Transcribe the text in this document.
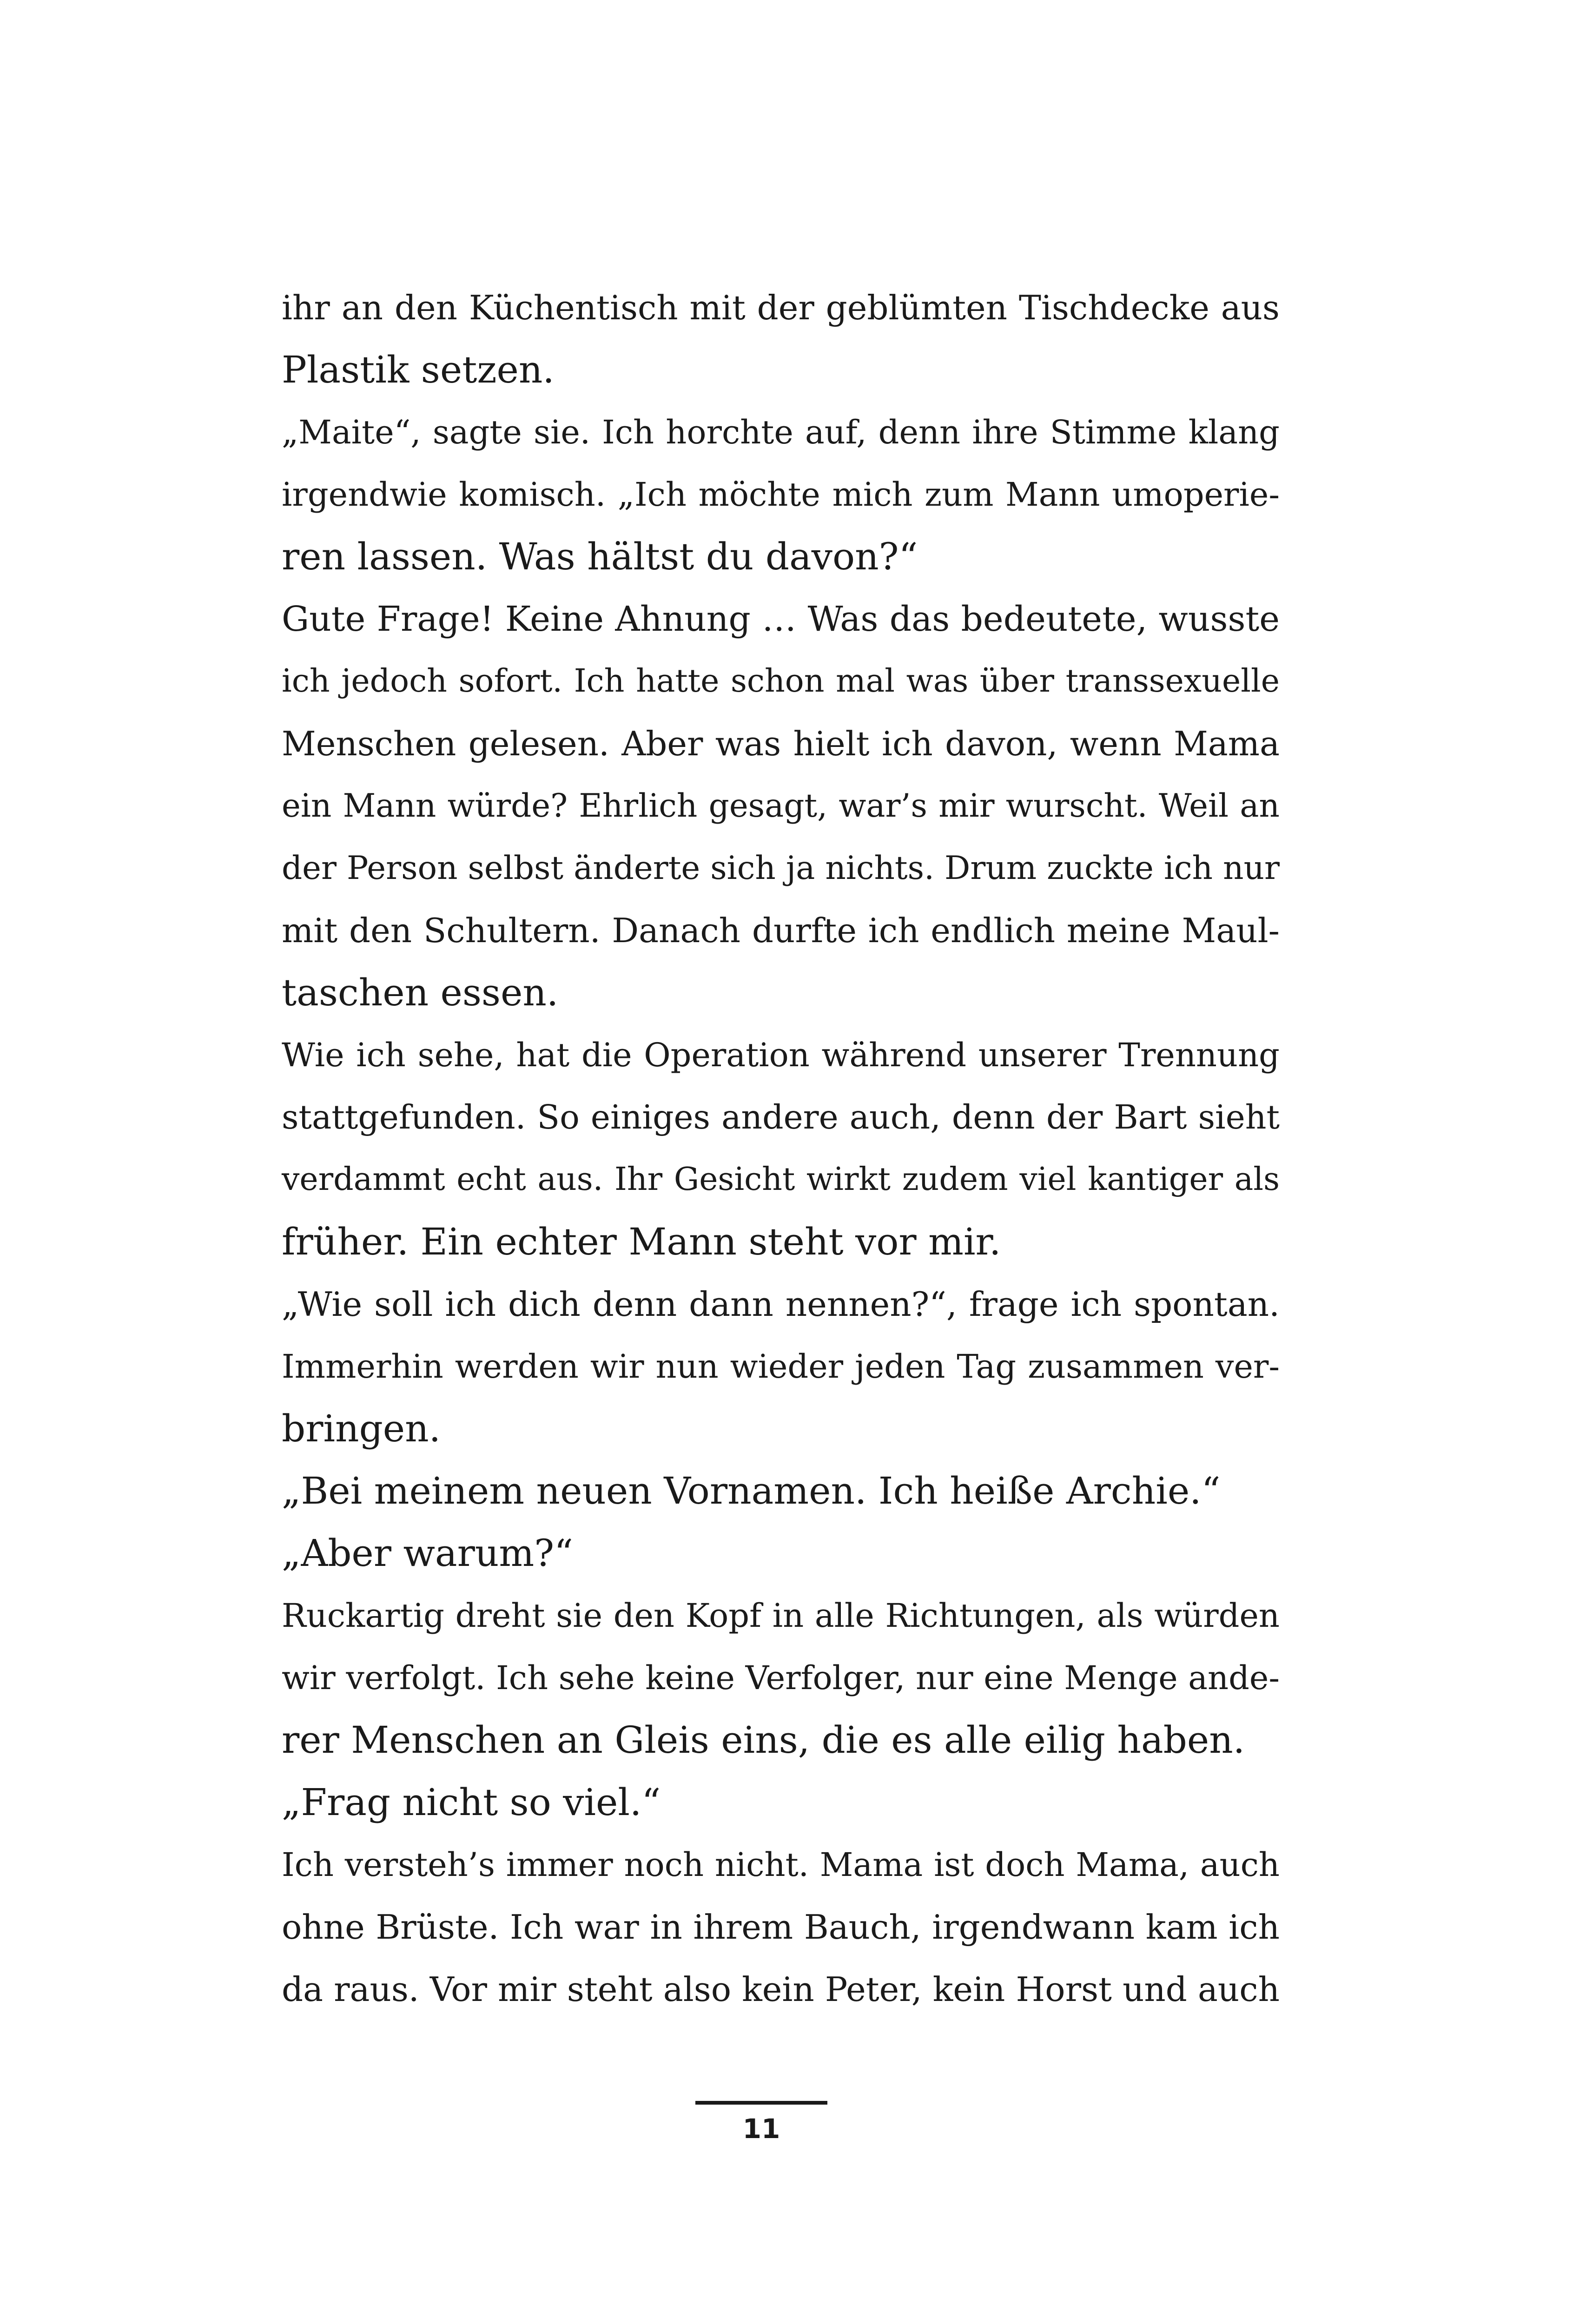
ihr an den Küchentisch mit der geblümten Tischdecke aus
Plastik setzen.
„Maite“, sagte sie. Ich horchte auf, denn ihre Stimme klang
irgendwie komisch. „Ich möchte mich zum Mann umoperie-
ren lassen. Was hältst du davon?“
Gute Frage! Keine Ahnung … Was das bedeutete, wusste
ich jedoch sofort. Ich hatte schon mal was über transsexuelle
Menschen gelesen. Aber was hielt ich davon, wenn Mama
ein Mann würde? Ehrlich gesagt, war’s mir wurscht. Weil an
der Person selbst änderte sich ja nichts. Drum zuckte ich nur
mit den Schultern. Danach durfte ich endlich meine Maul-
taschen essen.
Wie ich sehe, hat die Operation während unserer Trennung
stattgefunden. So einiges andere auch, denn der Bart sieht
verdammt echt aus. Ihr Gesicht wirkt zudem viel kantiger als
früher. Ein echter Mann steht vor mir.
„Wie soll ich dich denn dann nennen?“, frage ich spontan.
Immerhin werden wir nun wieder jeden Tag zusammen ver-
bringen.
„Bei meinem neuen Vornamen. Ich heiße Archie.“
„Aber warum?“
Ruckartig dreht sie den Kopf in alle Richtungen, als würden
wir verfolgt. Ich sehe keine Verfolger, nur eine Menge ande-
rer Menschen an Gleis eins, die es alle eilig haben.
„Frag nicht so viel.“
Ich versteh’s immer noch nicht. Mama ist doch Mama, auch
ohne Brüste. Ich war in ihrem Bauch, irgendwann kam ich
da raus. Vor mir steht also kein Peter, kein Horst und auch
11
